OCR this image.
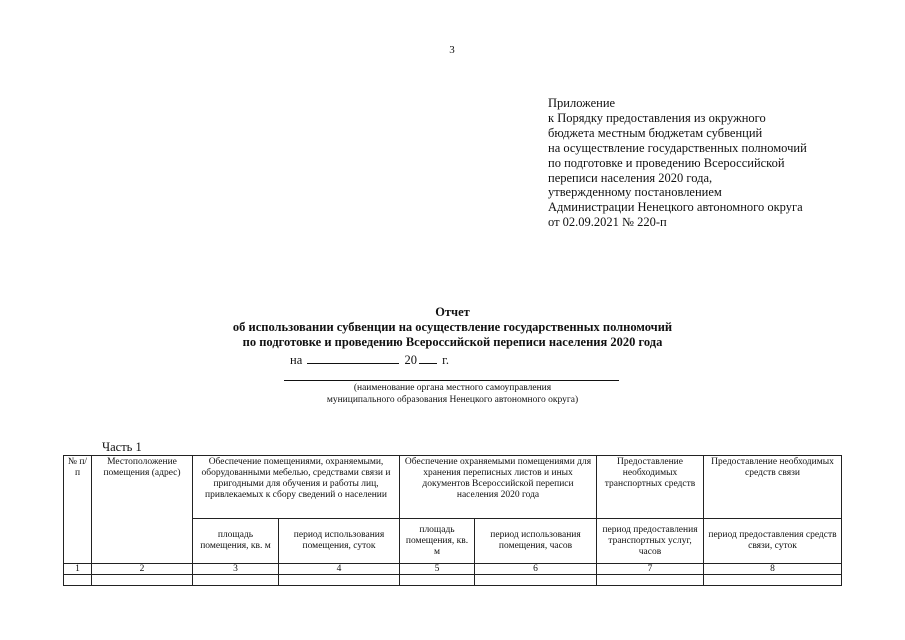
3
Приложение
к Порядку предоставления из окружного
бюджета местным бюджетам субвенций
на осуществление государственных полномочий
по подготовке и проведению Всероссийской
переписи населения 2020 года,
утвержденному постановлением
Администрации Ненецкого автономного округа
от 02.09.2021 № 220-п
Отчет
об использовании субвенции на осуществление государственных полномочий
по подготовке и проведению Всероссийской переписи населения 2020 года
на	20 г.
(наименование органа местного самоуправления
муниципального образования Ненецкого автономного округа)
Часть 1
№ п/п	Местоположение помещения (адрес)	Обеспечение помещениями, охраняемыми, оборудованными мебелью, средствами связи и пригодными для обучения и работы лиц, привлекаемых к сбору сведений о населении		Обеспечение охраняемыми помещениями для хранения переписных листов и иных документов Всероссийской переписи населения 2020 года		Предоставление необходимых транспортных средств	Предоставление необходимых средств связи
		площадь помещения, кв. м	период использования помещения, суток	площадь помещения, кв. м	период использования помещения, часов	период предоставления транспортных услуг, часов	период предоставления средств связи, суток
1	2	3	4	5	6	7	8
